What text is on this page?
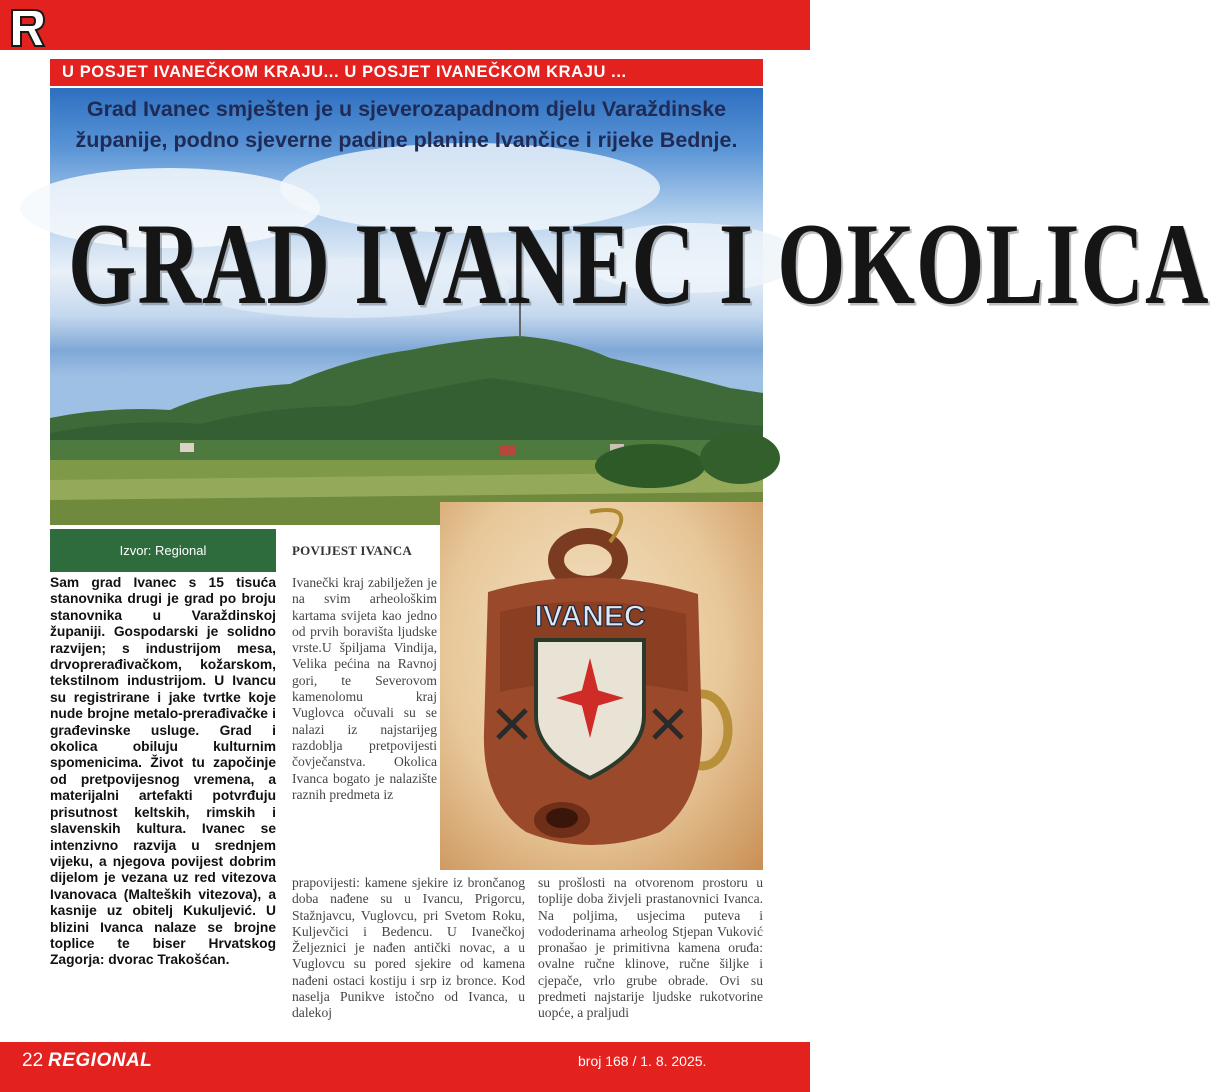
U POSJET IVANEČKOM KRAJU... U POSJET IVANEČKOM KRAJU ...
Grad Ivanec smješten je u sjeverozapadnom djelu Varaždinske
županije, podno sjeverne padine planine Ivančice i rijeke Bednje.
GRAD IVANEC I OKOLICA
IVANEC
Izvor: Regional

Sam grad Ivanec s 15 tisuća stanovnika drugi je grad po broju stanovnika u Varaždinskoj županiji. Gospodarski je solidno razvijen; s industrijom mesa, drvoprerađivačkom, kožarskom, tekstilnom industrijom. U Ivancu su registrirane i jake tvrtke koje nude brojne metalo-prerađivačke i građevinske usluge. Grad i okolica obiluju kulturnim spomenicima. Život tu započinje od pretpovijesnog vremena, a materijalni artefakti potvrđuju prisutnost keltskih, rimskih i slavenskih kultura. Ivanec se intenzivno razvija u srednjem vijeku, a njegova povijest dobrim dijelom je vezana uz red vitezova Ivanovaca (Malteških vitezova), a kasnije uz obitelj Kukuljević. U blizini Ivanca nalaze se brojne toplice te biser Hrvatskog Zagorja: dvorac Trakošćan.

POVIJEST IVANCA

Ivanečki kraj zabilježen je na svim arheološkim kartama svijeta kao jedno od prvih boravišta ljudske vrste.U špiljama Vindija, Velika pećina na Ravnoj gori, te Severovom kamenolomu kraj Vuglovca očuvali su se nalazi iz najstarijeg razdoblja pretpovijesti čovječanstva. Okolica Ivanca bogato je nalazište raznih predmeta iz

prapovijesti: kamene sjekire iz brončanog doba nađene su u Ivancu, Prigorcu, Stažnjavcu, Vuglovcu, pri Svetom Roku, Kuljevčici i Bedencu. U Ivanečkoj Željeznici je nađen antički novac, a u Vuglovcu su pored sjekire od kamena nađeni ostaci kostiju i srp iz bronce. Kod naselja Punikve istočno od Ivanca, u dalekoj

su prošlosti na otvorenom prostoru u toplije doba živjeli prastanovnici Ivanca. Na poljima, usjecima puteva i vododerinama arheolog Stjepan Vuković pronašao je primitivna kamena oruđa: ovalne ručne klinove, ručne šiljke i cjepače, vrlo grube obrade. Ovi su predmeti najstarije ljudske rukotvorine uopće, a praljudi

22 REGIONAL	broj 168 / 1. 8. 2025.
